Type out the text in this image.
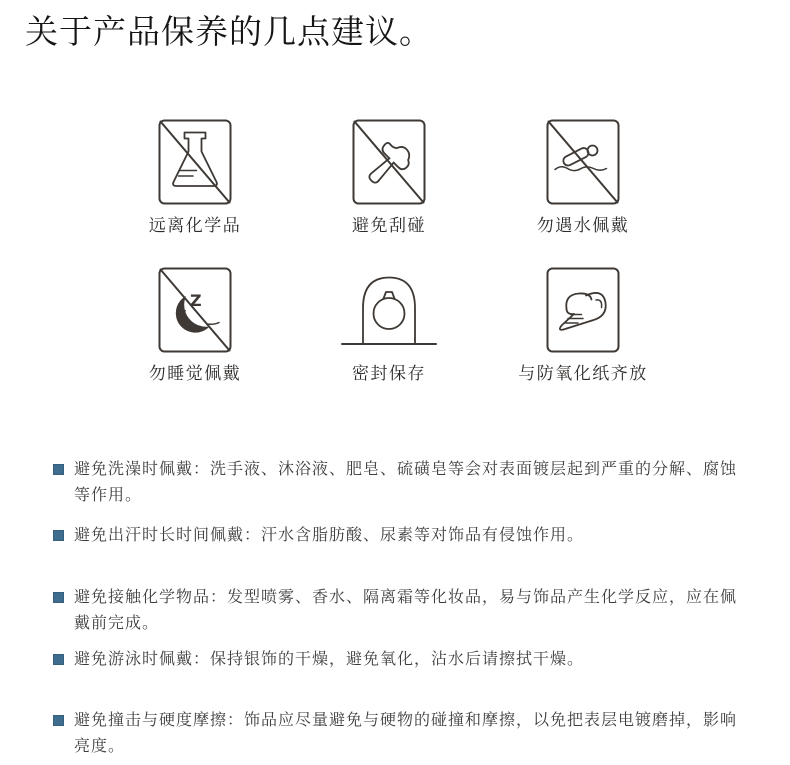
关于产品保养的几点建议。
远离化学品	避免刮碰	勿遇水佩戴
Z
z
勿睡觉佩戴	密封保存	与防氧化纸齐放
避免洗澡时佩戴：洗手液、沐浴液、肥皂、硫磺皂等会对表面镀层起到严重的分解、腐蚀等作用。
避免出汗时长时间佩戴：汗水含脂肪酸、尿素等对饰品有侵蚀作用。
避免接触化学物品：发型喷雾、香水、隔离霜等化妆品，易与饰品产生化学反应，应在佩戴前完成。
避免游泳时佩戴：保持银饰的干燥，避免氧化，沾水后请擦拭干燥。
避免撞击与硬度摩擦：饰品应尽量避免与硬物的碰撞和摩擦，以免把表层电镀磨掉，影响亮度。
